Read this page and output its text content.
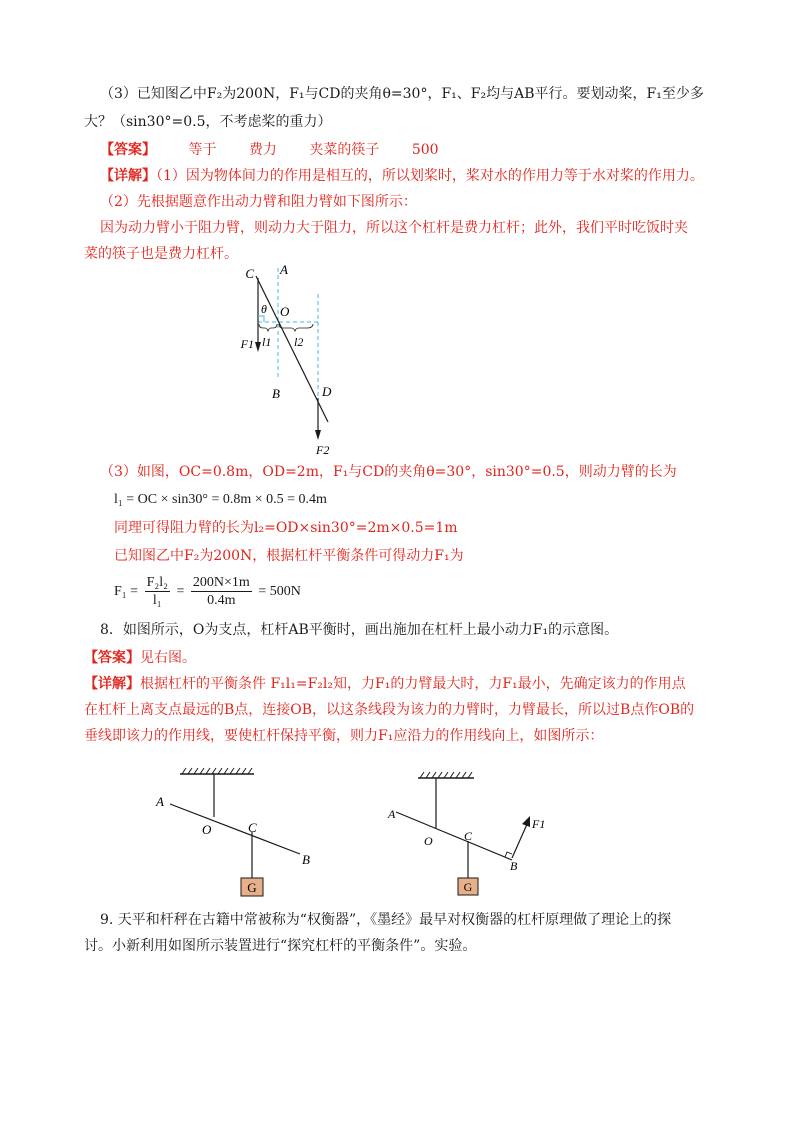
（3）已知图乙中F₂为200N，F₁与CD的夹角θ=30°，F₁、F₂均与AB平行。要划动桨，F₁至少多
大？（sin30°=0.5，不考虑桨的重力）
【答案】 等于 费力 夹菜的筷子 500
【详解】（1）因为物体间力的作用是相互的，所以划桨时，桨对水的作用力等于水对桨的作用力。
（2）先根据题意作出动力臂和阻力臂如下图所示：
因为动力臂小于阻力臂，则动力大于阻力，所以这个杠杆是费力杠杆；此外，我们平时吃饭时夹
菜的筷子也是费力杠杆。
C A
θ O
F1 l1 l2
B	D
F2
（3）如图，OC=0.8m，OD=2m，F₁与CD的夹角θ=30°，sin30°=0.5，则动力臂的长为
l₁ = OC × sin30° = 0.8m × 0.5 = 0.4m
同理可得阻力臂的长为l₂=OD×sin30°=2m×0.5=1m
已知图乙中F₂为200N，根据杠杆平衡条件可得动力F₁为
$F_1 = \frac{\text{F₂l₂}}{\text{l₁}} = \frac{200N\times 1m}{0.4m} = 500N$
8．如图所示，O为支点，杠杆AB平衡时，画出施加在杠杆上最小动力F₁的示意图。
【答案】见右图。
【详解】根据杠杆的平衡条件 F₁l₁=F₂l₂知，力F₁的力臂最大时，力F₁最小，先确定该力的作用点
在杠杆上离支点最远的B点，连接OB，以这条线段为该力的力臂时，力臂最长，所以过B点作OB的
垂线即该力的作用线，要使杠杆保持平衡，则力F₁应沿力的作用线向上，如图所示：
G
A
O	C
B
G
A
O	C
B
F1
9. 天平和杆秤在古籍中常被称为“权衡器”，《墨经》最早对权衡器的杠杆原理做了理论上的探
讨。小新利用如图所示装置进行“探究杠杆的平衡条件”。实验。
